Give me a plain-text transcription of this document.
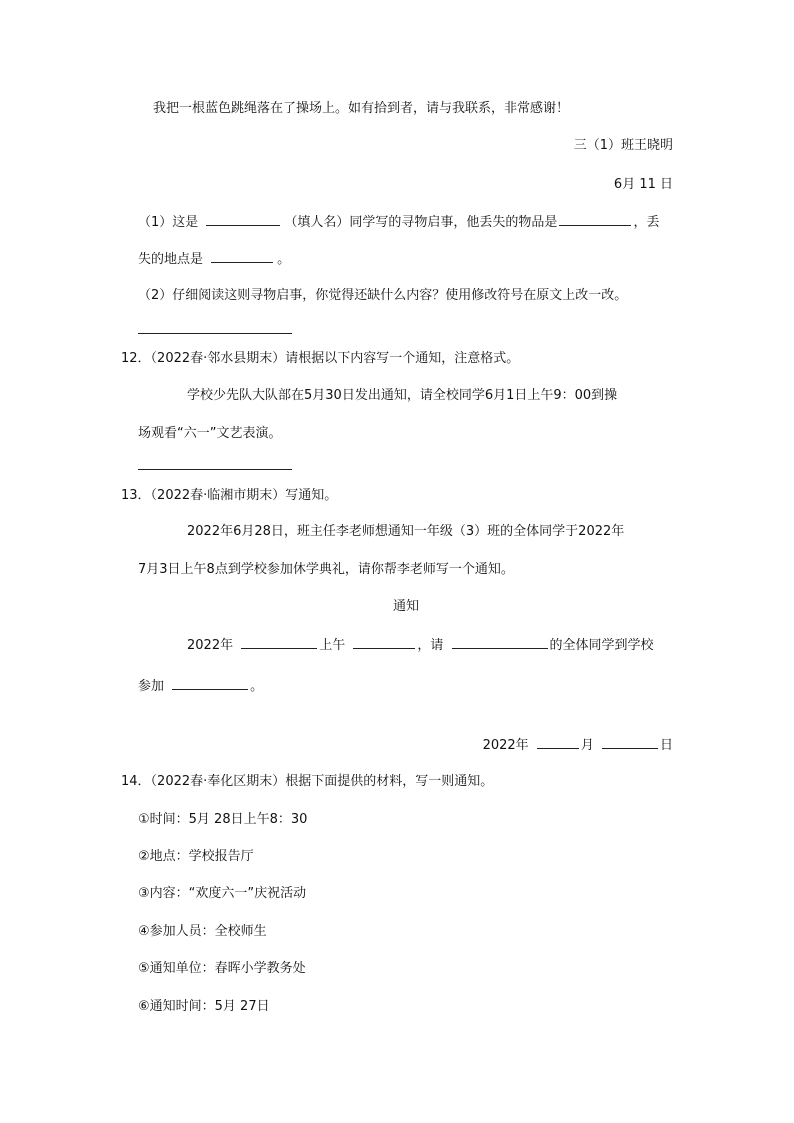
我把一根蓝色跳绳落在了操场上。如有拾到者，请与我联系，非常感谢！
三（1）班王晓明
6月 11 日
（1）这是	（填人名）同学写的寻物启事，他丢失的物品是	，丢
失的地点是	。
（2）仔细阅读这则寻物启事，你觉得还缺什么内容？使用修改符号在原文上改一改。
12．（2022春·邻水县期末）请根据以下内容写一个通知，注意格式。
学校少先队大队部在5月30日发出通知，请全校同学6月1日上午9：00到操
场观看“六一”文艺表演。
13．（2022春·临湘市期末）写通知。
2022年6月28日，班主任李老师想通知一年级（3）班的全体同学于2022年
7月3日上午8点到学校参加休学典礼，请你帮李老师写一个通知。
通知
2022年	上午	，请	的全体同学到学校
参加	。
2022年	月	日
14．（2022春·奉化区期末）根据下面提供的材料，写一则通知。
①时间：5月 28日上午8：30
②地点：学校报告厅
③内容：“欢度六一”庆祝活动
④参加人员：全校师生
⑤通知单位：春晖小学教务处
⑥通知时间：5月 27日
